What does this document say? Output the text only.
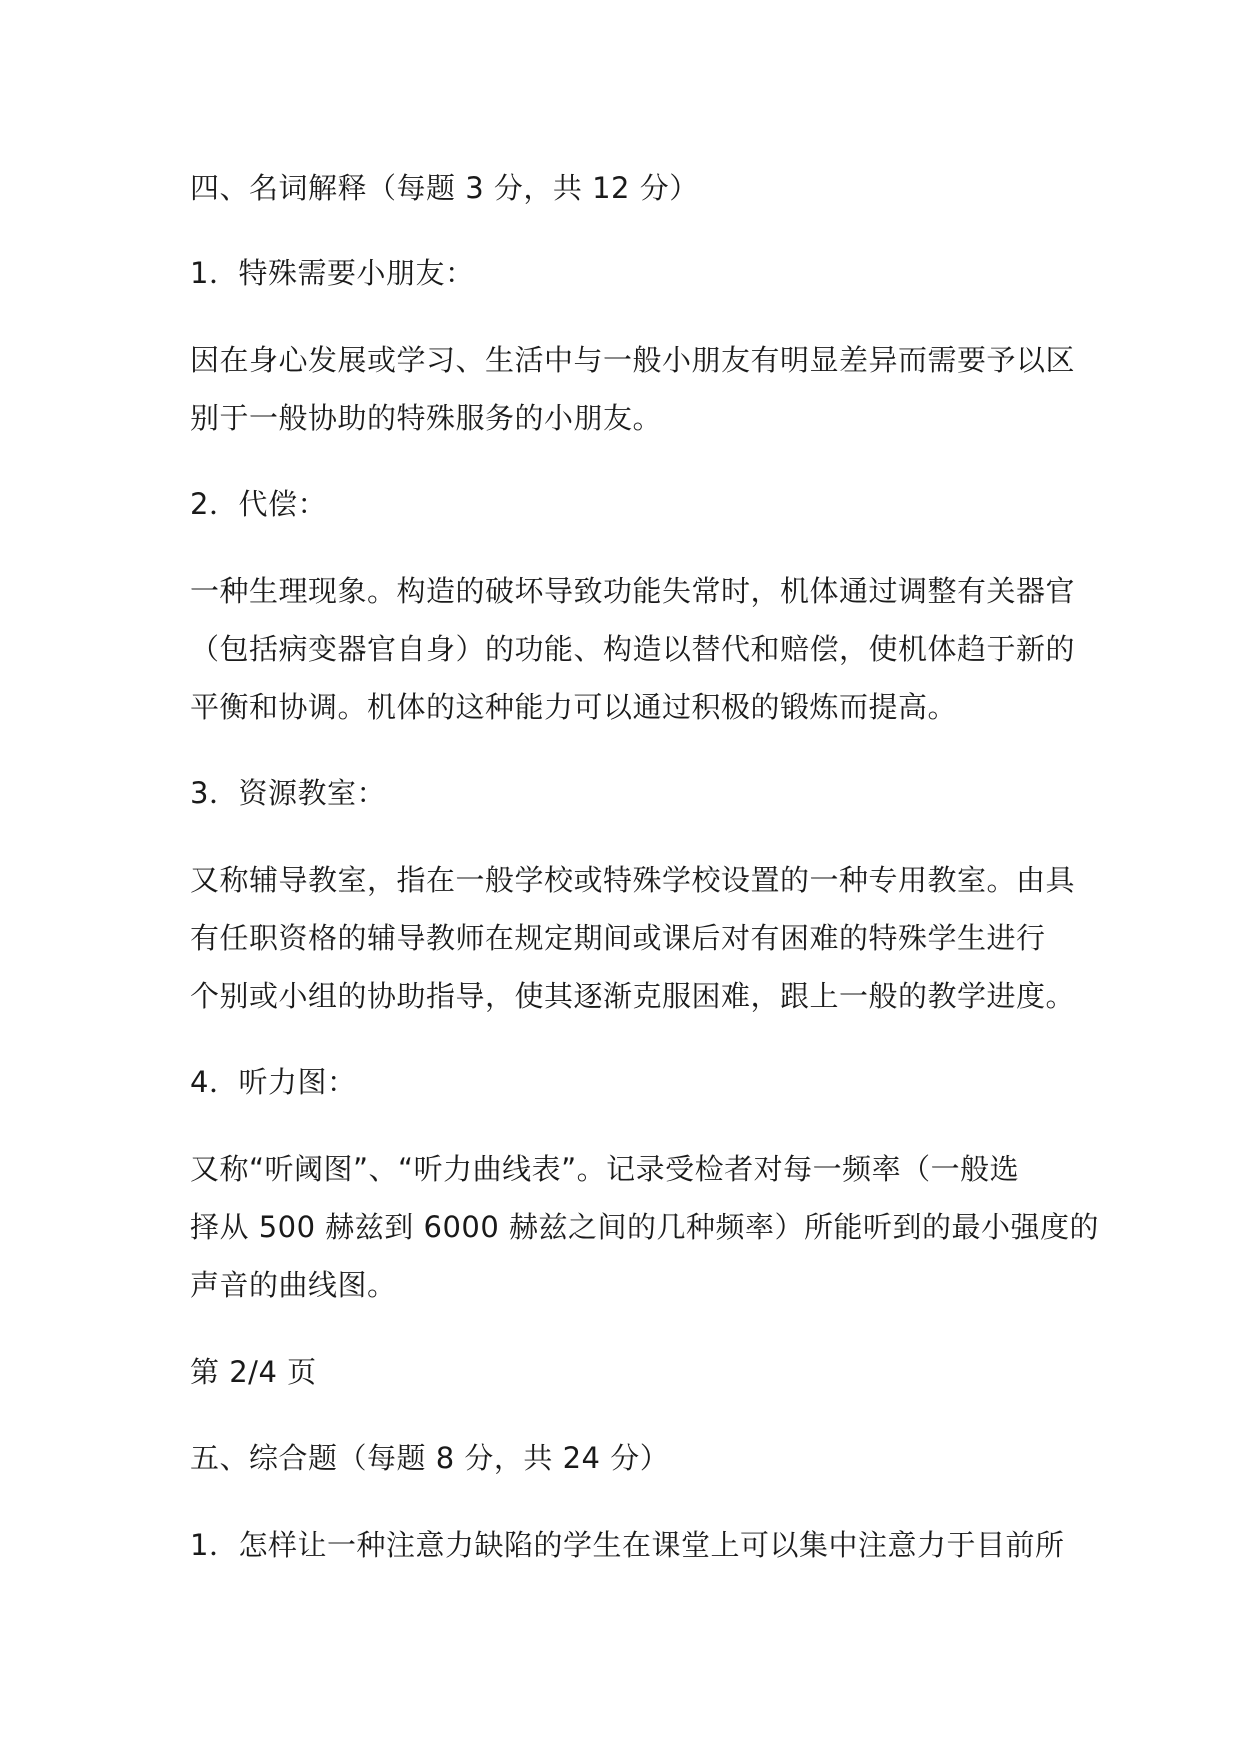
四、名词解释（每题 3 分，共 12 分）
1．特殊需要小朋友：
因在身心发展或学习、生活中与一般小朋友有明显差异而需要予以区
别于一般协助的特殊服务的小朋友。
2．代偿：
一种生理现象。构造的破坏导致功能失常时，机体通过调整有关器官
（包括病变器官自身）的功能、构造以替代和赔偿，使机体趋于新的
平衡和协调。机体的这种能力可以通过积极的锻炼而提高。
3．资源教室：
又称辅导教室，指在一般学校或特殊学校设置的一种专用教室。由具
有任职资格的辅导教师在规定期间或课后对有困难的特殊学生进行
个别或小组的协助指导，使其逐渐克服困难，跟上一般的教学进度。
4．听力图：
又称“听阈图”、“听力曲线表”。记录受检者对每一频率（一般选
择从 500 赫兹到 6000 赫兹之间的几种频率）所能听到的最小强度的
声音的曲线图。
第 2/4 页
五、综合题（每题 8 分，共 24 分）
1．怎样让一种注意力缺陷的学生在课堂上可以集中注意力于目前所
